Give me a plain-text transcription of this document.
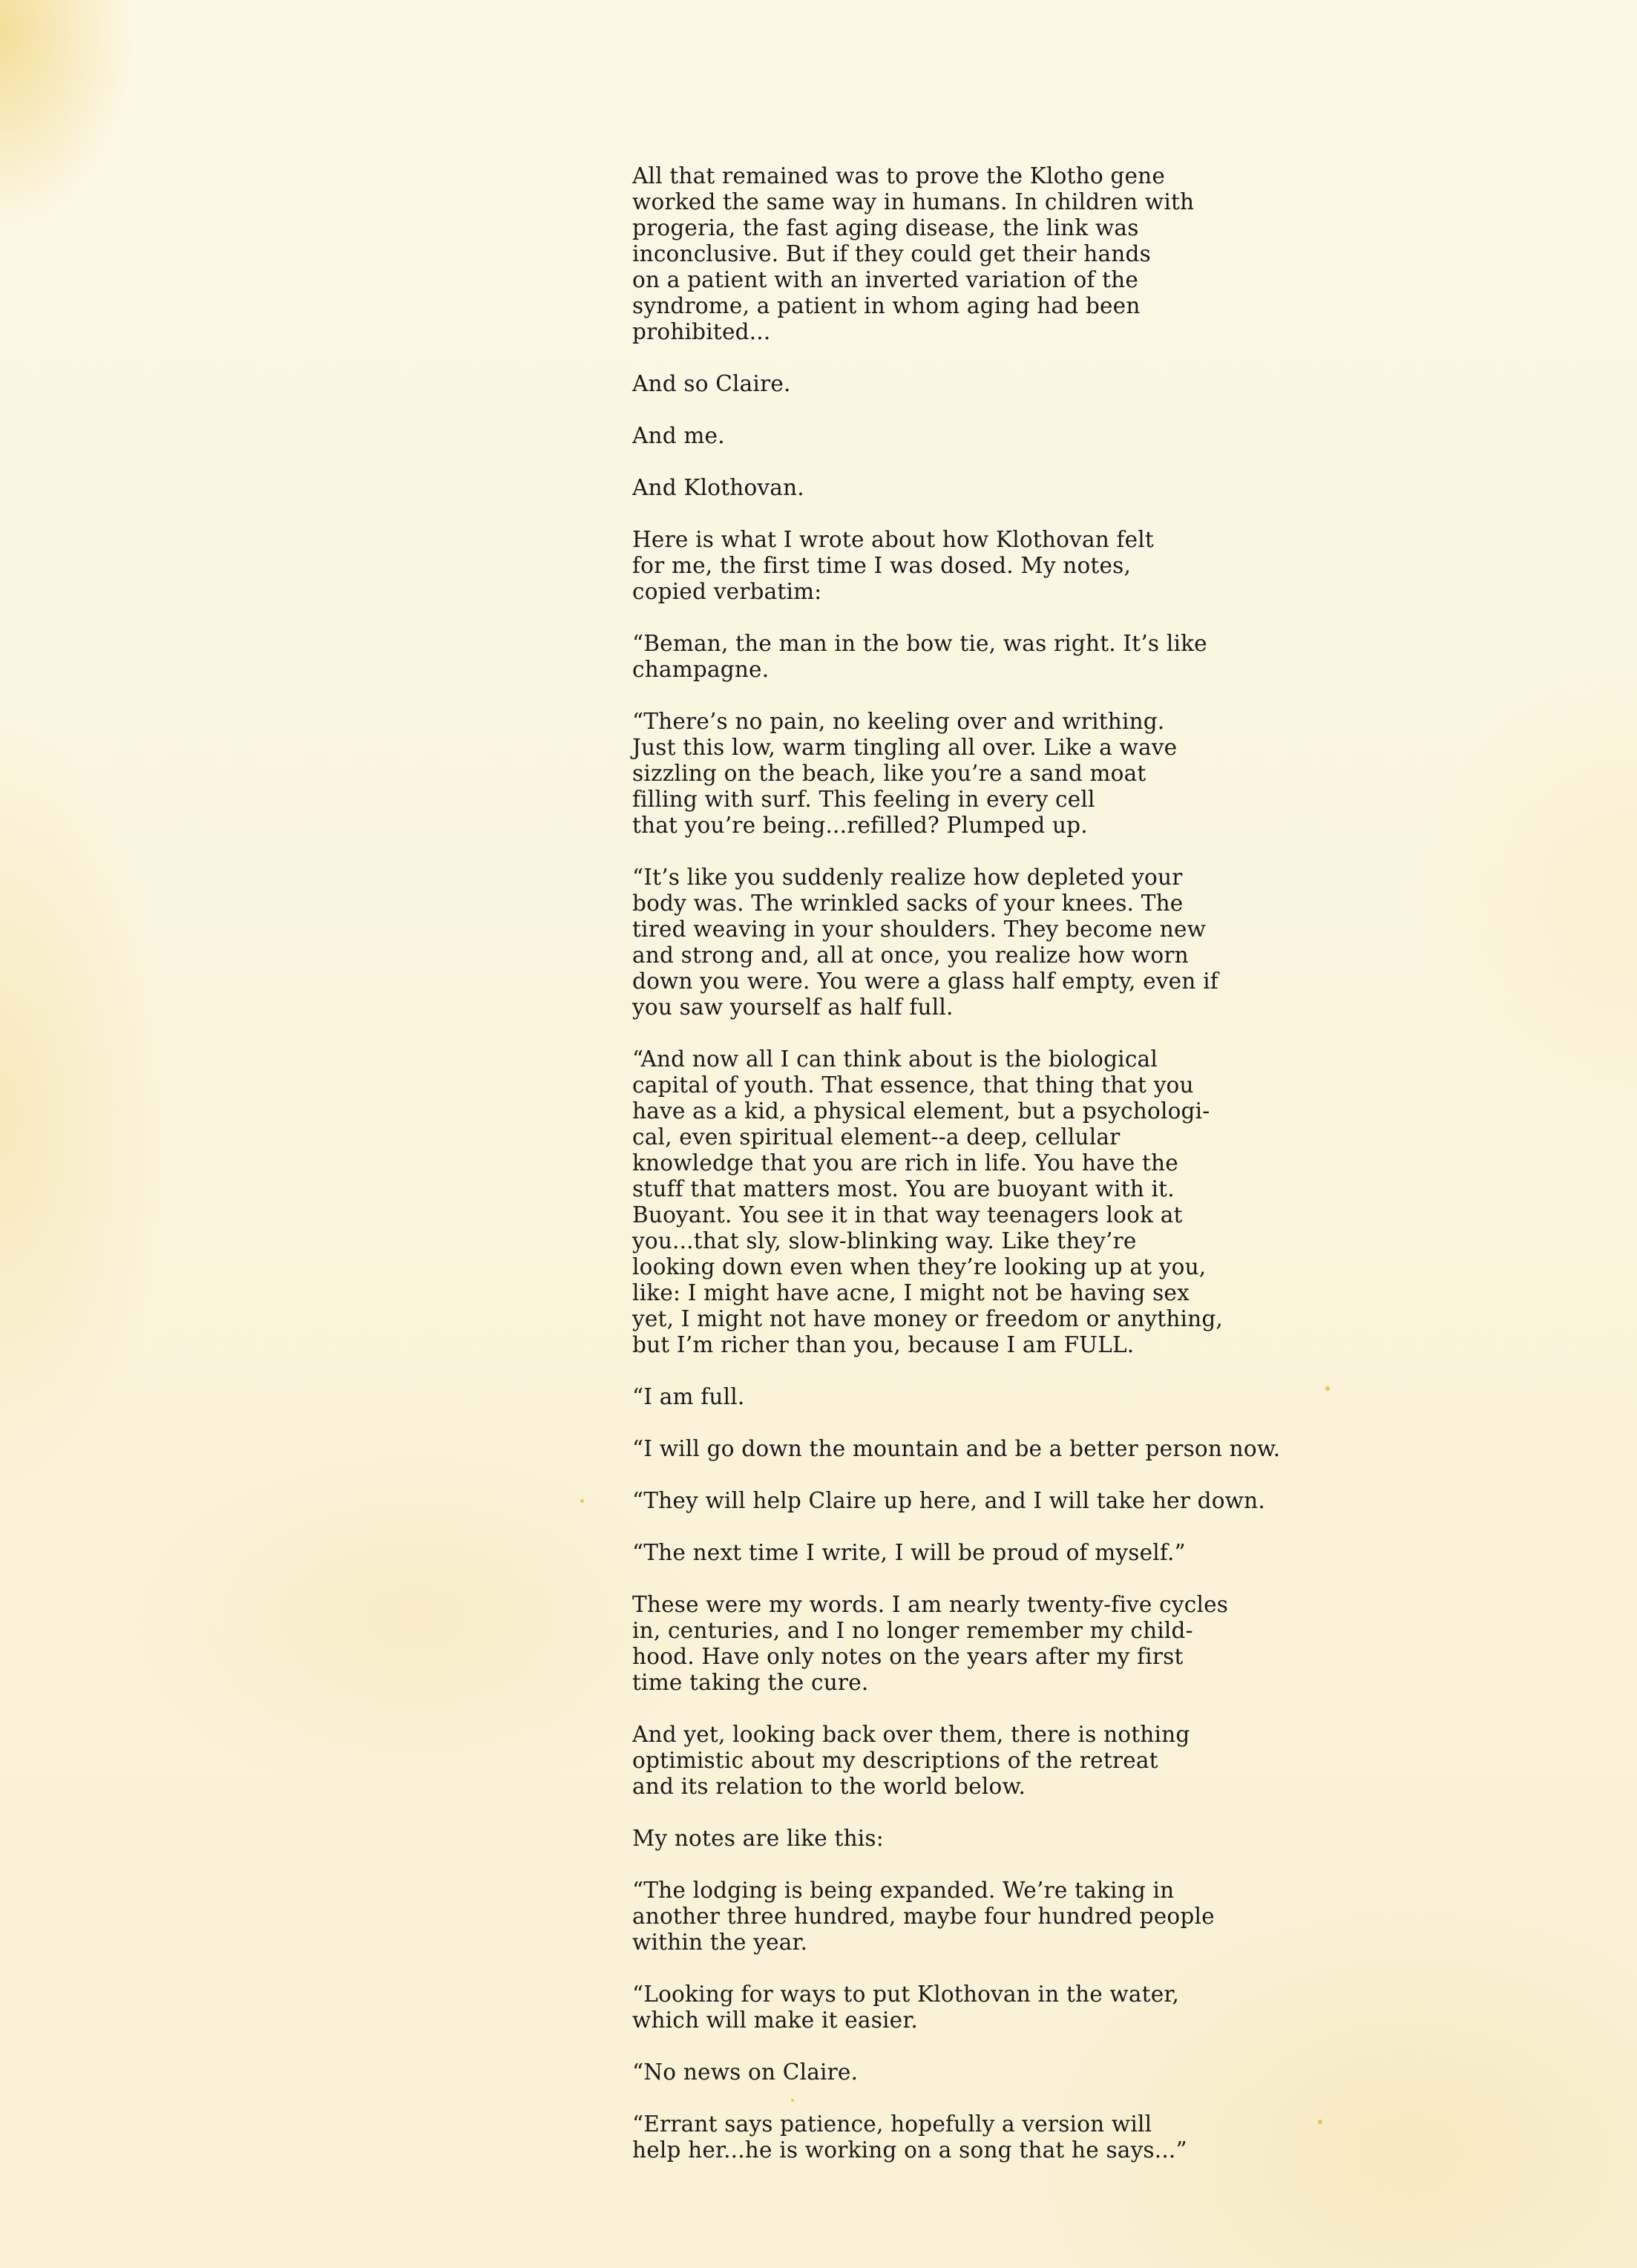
All that remained was to prove the Klotho gene
worked the same way in humans. In children with
progeria, the fast aging disease, the link was
inconclusive. But if they could get their hands
on a patient with an inverted variation of the
syndrome, a patient in whom aging had been
prohibited...

And so Claire.

And me.

And Klothovan.

Here is what I wrote about how Klothovan felt
for me, the first time I was dosed. My notes,
copied verbatim:

“Beman, the man in the bow tie, was right. It’s like
champagne.

“There’s no pain, no keeling over and writhing.
Just this low, warm tingling all over. Like a wave
sizzling on the beach, like you’re a sand moat
filling with surf. This feeling in every cell
that you’re being...refilled? Plumped up.

“It’s like you suddenly realize how depleted your
body was. The wrinkled sacks of your knees. The
tired weaving in your shoulders. They become new
and strong and, all at once, you realize how worn
down you were. You were a glass half empty, even if
you saw yourself as half full.

“And now all I can think about is the biological
capital of youth. That essence, that thing that you
have as a kid, a physical element, but a psychologi-
cal, even spiritual element--a deep, cellular
knowledge that you are rich in life. You have the
stuff that matters most. You are buoyant with it.
Buoyant. You see it in that way teenagers look at
you...that sly, slow-blinking way. Like they’re
looking down even when they’re looking up at you,
like: I might have acne, I might not be having sex
yet, I might not have money or freedom or anything,
but I’m richer than you, because I am FULL.

“I am full.

“I will go down the mountain and be a better person now.

“They will help Claire up here, and I will take her down.

“The next time I write, I will be proud of myself.”

These were my words. I am nearly twenty-five cycles
in, centuries, and I no longer remember my child-
hood. Have only notes on the years after my first
time taking the cure.

And yet, looking back over them, there is nothing
optimistic about my descriptions of the retreat
and its relation to the world below.

My notes are like this:

“The lodging is being expanded. We’re taking in
another three hundred, maybe four hundred people
within the year.

“Looking for ways to put Klothovan in the water,
which will make it easier.

“No news on Claire.

“Errant says patience, hopefully a version will
help her...he is working on a song that he says...”
